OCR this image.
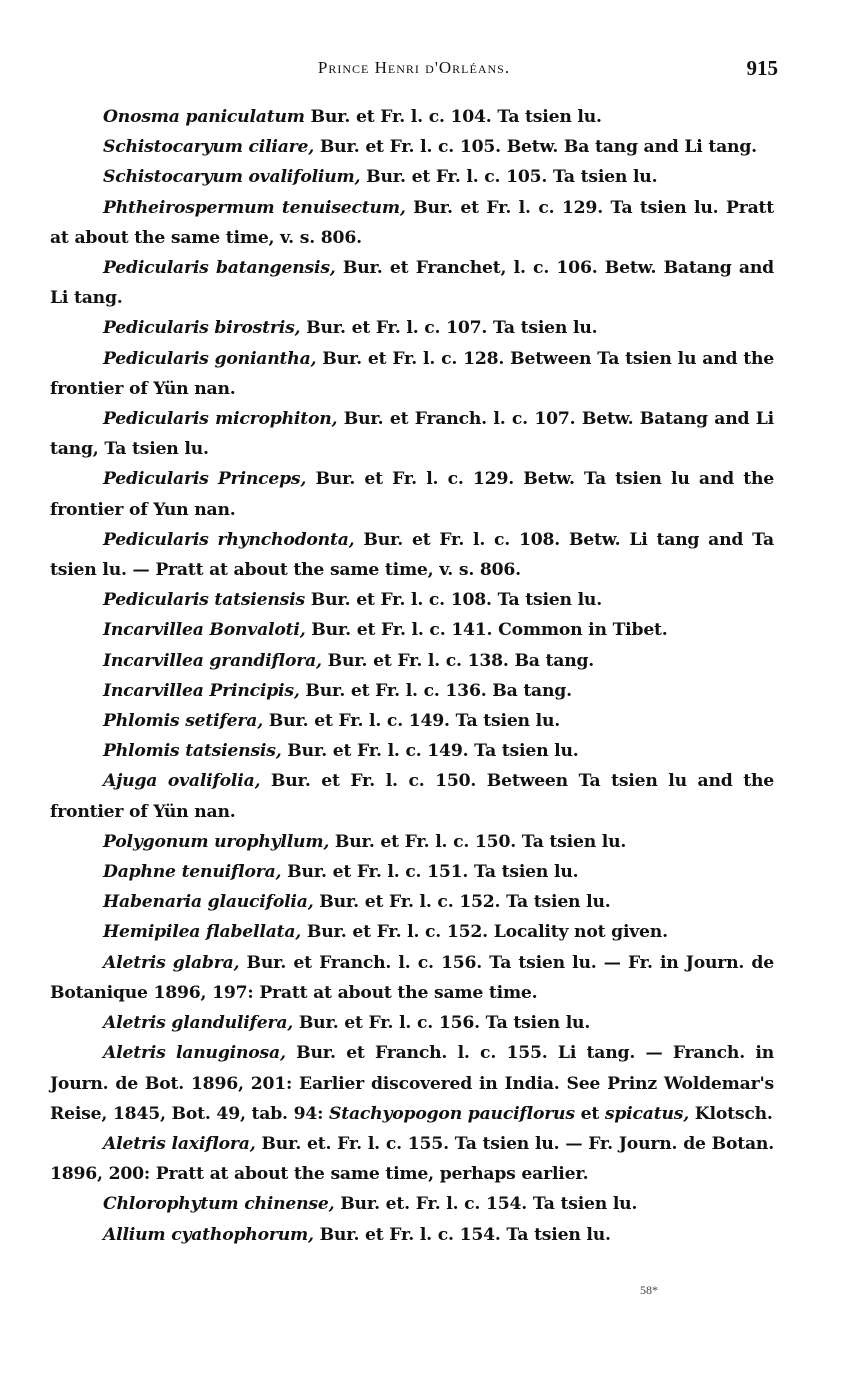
Prince Henri d'Orléans.	915

Onosma paniculatum Bur. et Fr. l. c. 104. Ta tsien lu.

Schistocaryum ciliare, Bur. et Fr. l. c. 105. Betw. Ba tang and Li tang.

Schistocaryum ovalifolium, Bur. et Fr. l. c. 105. Ta tsien lu.

Phtheirospermum tenuisectum, Bur. et Fr. l. c. 129. Ta tsien lu. Pratt at about the same time, v. s. 806.

Pedicularis batangensis, Bur. et Franchet, l. c. 106. Betw. Batang and Li tang.

Pedicularis birostris, Bur. et Fr. l. c. 107. Ta tsien lu.

Pedicularis goniantha, Bur. et Fr. l. c. 128. Between Ta tsien lu and the frontier of Yün nan.

Pedicularis microphiton, Bur. et Franch. l. c. 107. Betw. Batang and Li tang, Ta tsien lu.

Pedicularis Princeps, Bur. et Fr. l. c. 129. Betw. Ta tsien lu and the frontier of Yun nan.

Pedicularis rhynchodonta, Bur. et Fr. l. c. 108. Betw. Li tang and Ta tsien lu. — Pratt at about the same time, v. s. 806.

Pedicularis tatsiensis Bur. et Fr. l. c. 108. Ta tsien lu.

Incarvillea Bonvaloti, Bur. et Fr. l. c. 141. Common in Tibet.

Incarvillea grandiflora, Bur. et Fr. l. c. 138. Ba tang.

Incarvillea Principis, Bur. et Fr. l. c. 136. Ba tang.

Phlomis setifera, Bur. et Fr. l. c. 149. Ta tsien lu.

Phlomis tatsiensis, Bur. et Fr. l. c. 149. Ta tsien lu.

Ajuga ovalifolia, Bur. et Fr. l. c. 150. Between Ta tsien lu and the frontier of Yün nan.

Polygonum urophyllum, Bur. et Fr. l. c. 150. Ta tsien lu.

Daphne tenuiflora, Bur. et Fr. l. c. 151. Ta tsien lu.

Habenaria glaucifolia, Bur. et Fr. l. c. 152. Ta tsien lu.

Hemipilea flabellata, Bur. et Fr. l. c. 152. Locality not given.

Aletris glabra, Bur. et Franch. l. c. 156. Ta tsien lu. — Fr. in Journ. de Botanique 1896, 197: Pratt at about the same time.

Aletris glandulifera, Bur. et Fr. l. c. 156. Ta tsien lu.

Aletris lanuginosa, Bur. et Franch. l. c. 155. Li tang. — Franch. in Journ. de Bot. 1896, 201: Earlier discovered in India. See Prinz Woldemar's Reise, 1845, Bot. 49, tab. 94: Stachyopogon pauciflorus et spicatus, Klotsch.

Aletris laxiflora, Bur. et. Fr. l. c. 155. Ta tsien lu. — Fr. Journ. de Botan. 1896, 200: Pratt at about the same time, perhaps earlier.

Chlorophytum chinense, Bur. et. Fr. l. c. 154. Ta tsien lu.

Allium cyathophorum, Bur. et Fr. l. c. 154. Ta tsien lu.

58*
